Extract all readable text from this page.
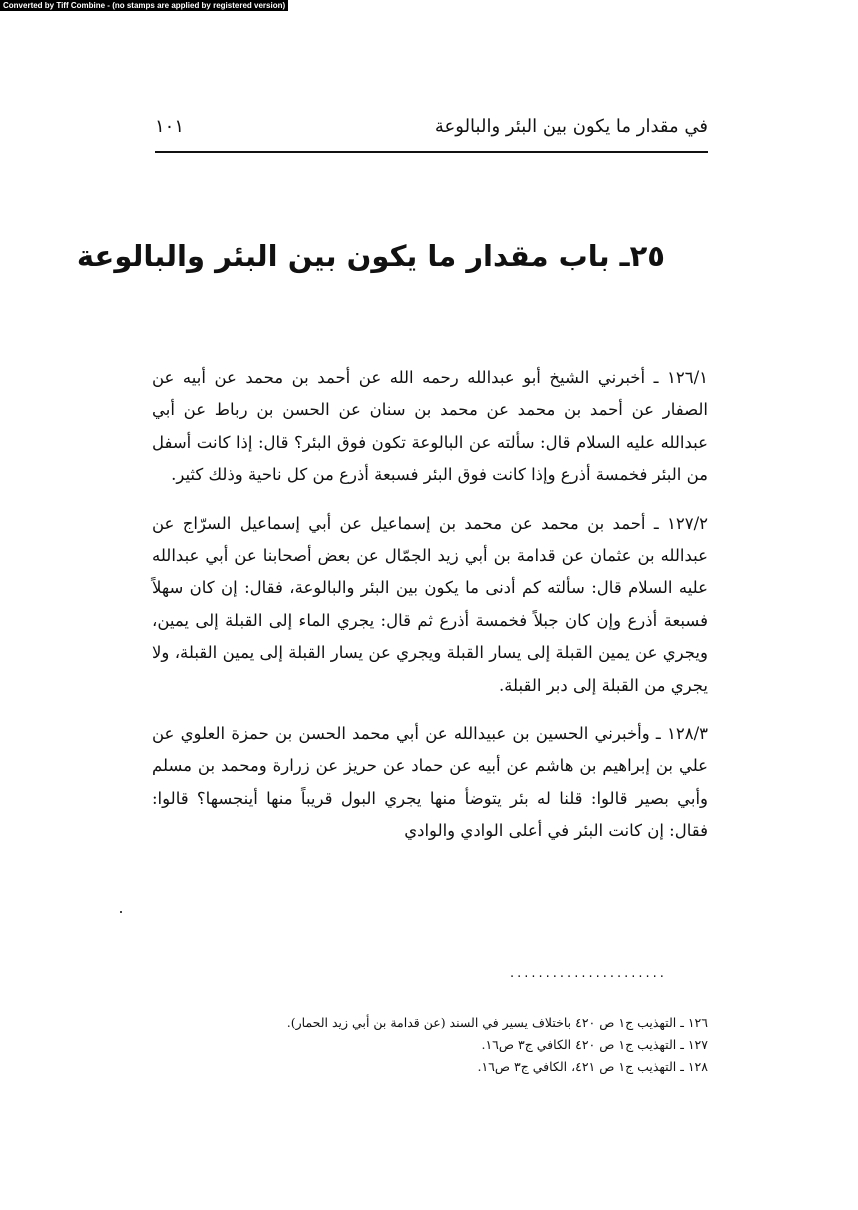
Converted by Tiff Combine - (no stamps are applied by registered version)
في مقدار ما يكون بين البئر والبالوعة
١٠١
٢٥ـ باب مقدار ما يكون بين البئر والبالوعة

١٢٦/١ ـ أخبرني الشيخ أبو عبدالله رحمه الله عن أحمد بن محمد عن أبيه عن الصفار عن أحمد بن محمد عن محمد بن سنان عن الحسن بن رباط عن أبي عبدالله عليه السلام قال: سألته عن البالوعة تكون فوق البئر؟ قال: إذا كانت أسفل من البئر فخمسة أذرع وإذا كانت فوق البئر فسبعة أذرع من كل ناحية وذلك كثير.

١٢٧/٢ ـ أحمد بن محمد عن محمد بن إسماعيل عن أبي إسماعيل السرّاج عن عبدالله بن عثمان عن قدامة بن أبي زيد الجمّال عن بعض أصحابنا عن أبي عبدالله عليه السلام قال: سألته كم أدنى ما يكون بين البئر والبالوعة، فقال: إن كان سهلاً فسبعة أذرع وإن كان جبلاً فخمسة أذرع ثم قال: يجري الماء إلى القبلة إلى يمين، ويجري عن يمين القبلة إلى يسار القبلة ويجري عن يسار القبلة إلى يمين القبلة، ولا يجري من القبلة إلى دبر القبلة.

١٢٨/٣ ـ وأخبرني الحسين بن عبيدالله عن أبي محمد الحسن بن حمزة العلوي عن علي بن إبراهيم بن هاشم عن أبيه عن حماد عن حريز عن زرارة ومحمد بن مسلم وأبي بصير قالوا: قلنا له بئر يتوضأ منها يجري البول قريباً منها أينجسها؟ قالوا: فقال: إن كانت البئر في أعلى الوادي والوادي

......................
١٢٦ ـ التهذيب ج١ ص ٤٢٠ باختلاف يسير في السند (عن قدامة بن أبي زيد الحمار).
١٢٧ ـ التهذيب ج١ ص ٤٢٠ الكافي ج٣ ص١٦.
١٢٨ ـ التهذيب ج١ ص ٤٢١، الكافي ج٣ ص١٦.
